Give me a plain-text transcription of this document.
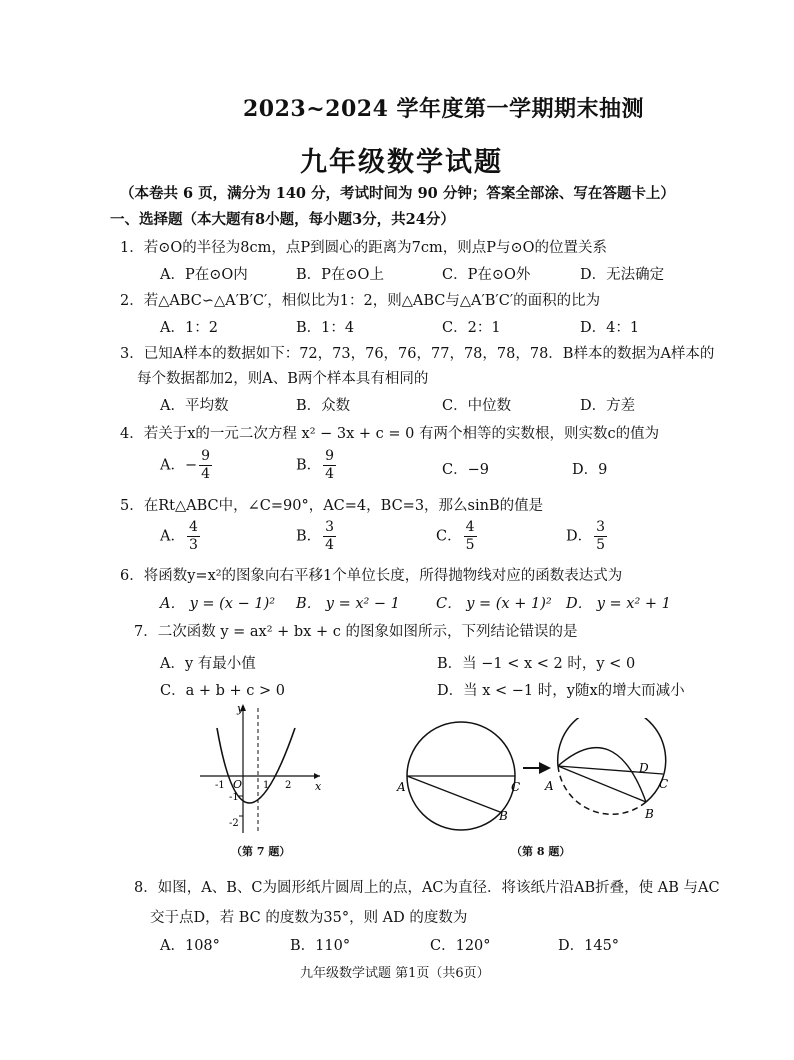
2023~2024 学年度第一学期期末抽测
九年级数学试题
（本卷共 6 页，满分为 140 分，考试时间为 90 分钟；答案全部涂、写在答题卡上）
一、选择题（本大题有8小题，每小题3分，共24分）
1．若⊙O的半径为8cm，点P到圆心的距离为7cm，则点P与⊙O的位置关系
A．P在⊙O内	B．P在⊙O上	C．P在⊙O外	D．无法确定
2．若△ABC∽△A′B′C′，相似比为1：2，则△ABC与△A′B′C′的面积的比为
A．1：2	B．1：4	C．2：1	D．4：1
3．已知A样本的数据如下：72，73，76，76，77，78，78，78．B样本的数据为A样本的
每个数据都加2，则A、B两个样本具有相同的
A．平均数	B．众数	C．中位数	D．方差
4．若关于x的一元二次方程 x² − 3x + c = 0 有两个相等的实数根，则实数c的值为
A．− $\frac{9}{4}$	B． $\frac{9}{4}$	C．−9	D．9
5．在Rt△ABC中，∠C=90°，AC=4，BC=3，那么sinB的值是
A． $\frac{4}{3}$	B． $\frac{3}{4}$	C． $\frac{4}{5}$	D． $\frac{3}{5}$
6．将函数y=x²的图象向右平移1个单位长度，所得抛物线对应的函数表达式为
A． y = (x − 1)² B． y = x² − 1 C． y = (x + 1)² D． y = x² + 1
7．二次函数 y = ax² + bx + c 的图象如图所示，下列结论错误的是
A．y 有最小值	B．当 −1 < x < 2 时，y < 0
C．a + b + c > 0	D．当 x < −1 时，y随x的增大而减小
y
x
O
-1	1 2
-1
-2
（第 7 题）
A	C
B
A
D
C
B
（第 8 题）
8．如图，A、B、C为圆形纸片圆周上的点，AC为直径．将该纸片沿AB折叠，使 AB 与AC
交于点D，若 BC 的度数为35°，则 AD 的度数为
A．108°	B．110°	C．120°	D．145°
九年级数学试题 第1页（共6页）
